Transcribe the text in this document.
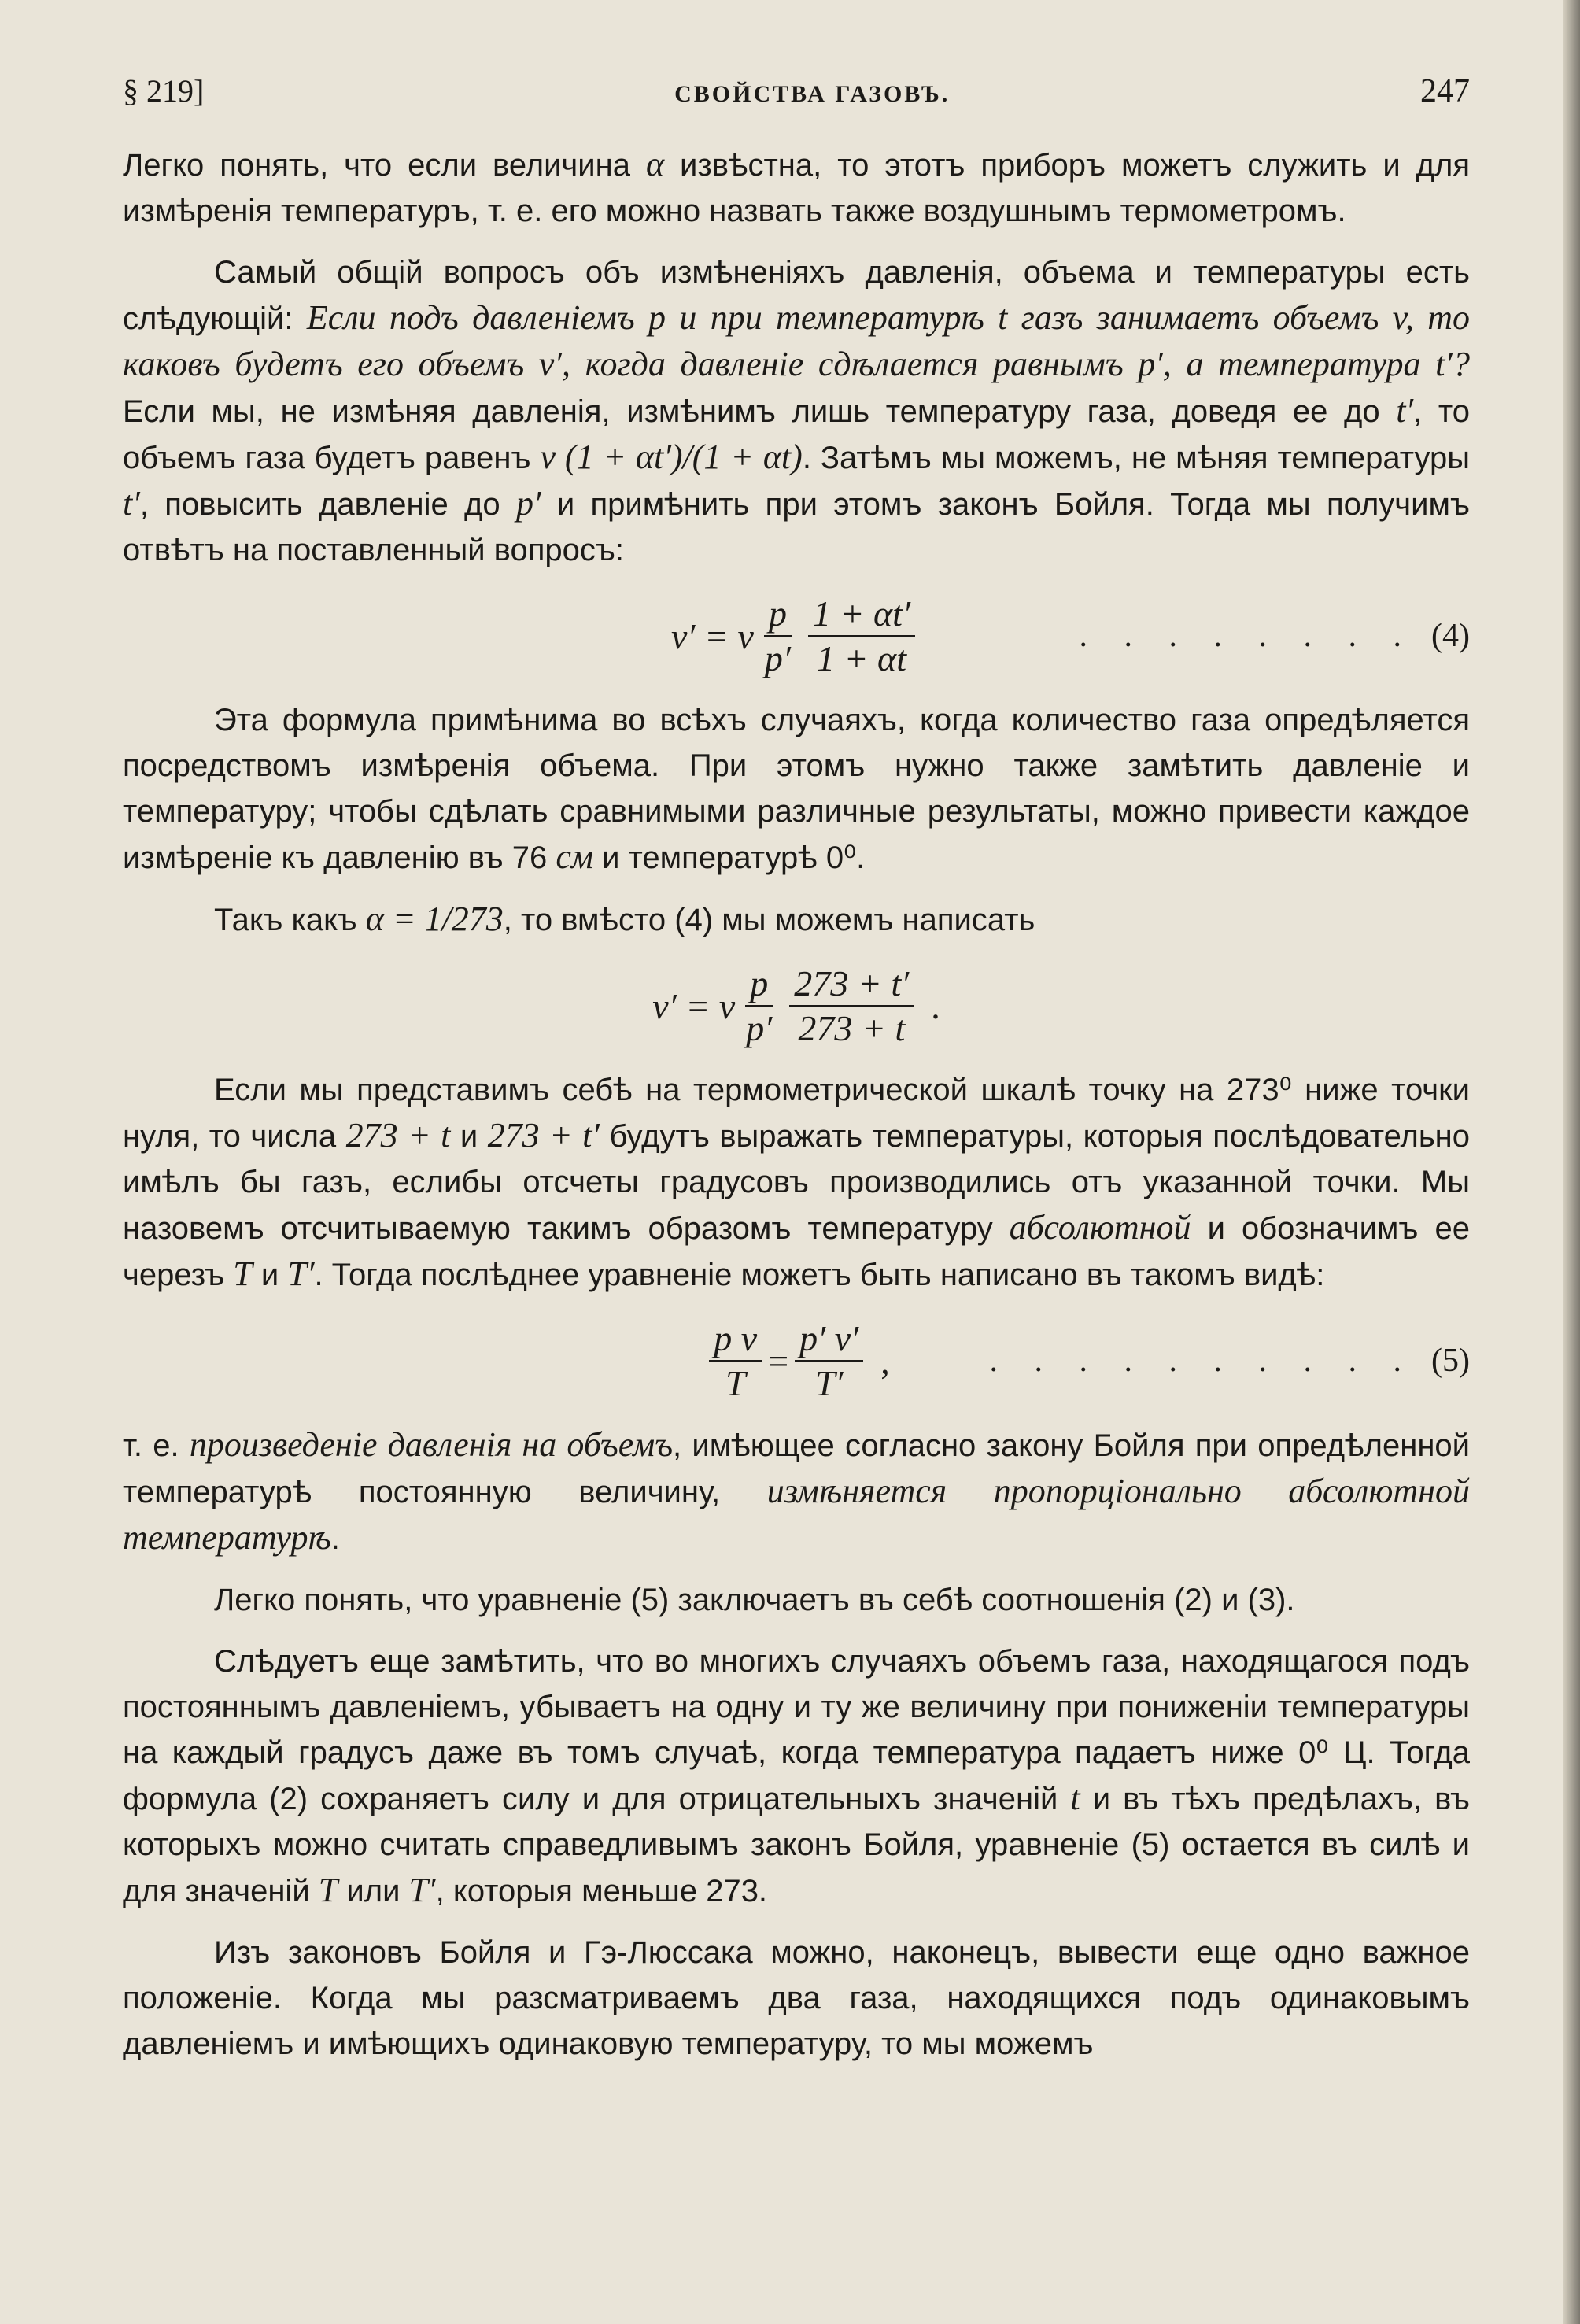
§ 219]	СВОЙСТВА ГАЗОВЪ.	247

Легко понять, что если величина α извѣстна, то этотъ приборъ можетъ служить и для измѣренія температуръ, т. е. его можно назвать также воздушнымъ термометромъ.

Самый общій вопросъ объ измѣненіяхъ давленія, объема и температуры есть слѣдующій: Если подъ давленіемъ p и при температурѣ t газъ занимаетъ объемъ v, то каковъ будетъ его объемъ v′, когда давленіе сдѣлается равнымъ p′, а температура t′? Если мы, не измѣняя давленія, измѣнимъ лишь температуру газа, доведя ее до t′, то объемъ газа будетъ равенъ v (1 + αt′)/(1 + αt). Затѣмъ мы можемъ, не мѣняя температуры t′, повысить давленіе до p′ и примѣнить при этомъ законъ Бойля. Тогда мы получимъ отвѣтъ на поставленный вопросъ:

v′ = v $\frac{p}{p'} \frac{1 + \alpha t'}{1 + \alpha t}$	. . . . . . . . (4)

Эта формула примѣнима во всѣхъ случаяхъ, когда количество газа опредѣляется посредствомъ измѣренія объема. При этомъ нужно также замѣтить давленіе и температуру; чтобы сдѣлать сравнимыми различные результаты, можно привести каждое измѣреніе къ давленію въ 76 см и температурѣ 0⁰.

Такъ какъ α = 1/273, то вмѣсто (4) мы можемъ написать

v′ = v $\frac{p}{p'} \frac{273 + t'}{273 + t}$ .

Если мы представимъ себѣ на термометрической шкалѣ точку на 273⁰ ниже точки нуля, то числа 273 + t и 273 + t′ будутъ выражать температуры, которыя послѣдовательно имѣлъ бы газъ, еслибы отсчеты градусовъ производились отъ указанной точки. Мы назовемъ отсчитываемую такимъ образомъ температуру абсолютной и обозначимъ ее черезъ T и T′. Тогда послѣднее уравненіе можетъ быть написано въ такомъ видѣ:

$\frac{\text{p v}}{T} = \frac{p' v'}{T'}$ ,	. . . . . . . . . . (5)

т. е. произведеніе давленія на объемъ, имѣющее согласно закону Бойля при опредѣленной температурѣ постоянную величину, измѣняется пропорціонально абсолютной температурѣ.

Легко понять, что уравненіе (5) заключаетъ въ себѣ соотношенія (2) и (3).

Слѣдуетъ еще замѣтить, что во многихъ случаяхъ объемъ газа, находящагося подъ постояннымъ давленіемъ, убываетъ на одну и ту же величину при пониженіи температуры на каждый градусъ даже въ томъ случаѣ, когда температура падаетъ ниже 0⁰ Ц. Тогда формула (2) сохраняетъ силу и для отрицательныхъ значеній t и въ тѣхъ предѣлахъ, въ которыхъ можно считать справедливымъ законъ Бойля, уравненіе (5) остается въ силѣ и для значеній T или T′, которыя меньше 273.

Изъ законовъ Бойля и Гэ-Люссака можно, наконецъ, вывести еще одно важное положеніе. Когда мы разсматриваемъ два газа, находящихся подъ одинаковымъ давленіемъ и имѣющихъ одинаковую температуру, то мы можемъ
